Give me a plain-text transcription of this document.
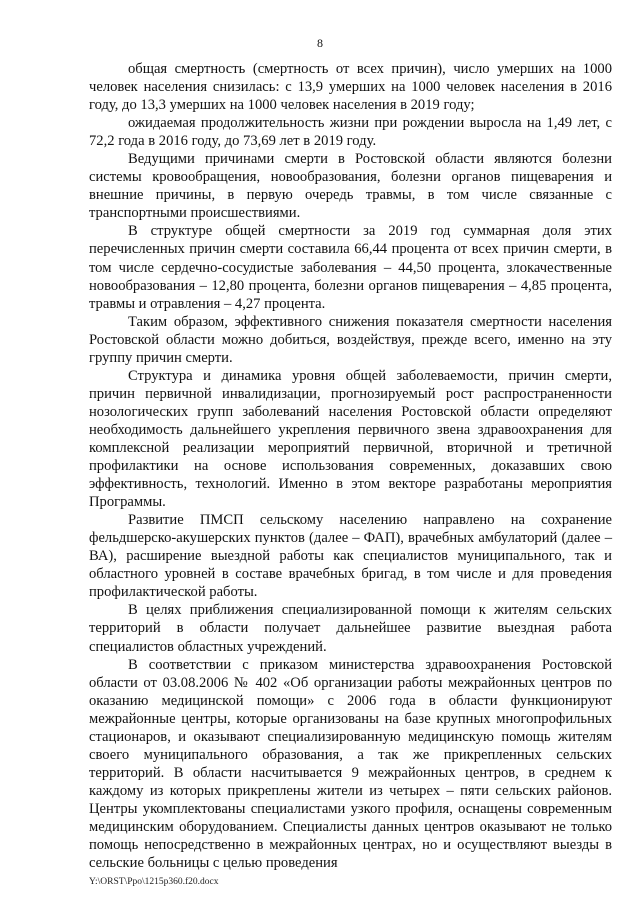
8

общая смертность (смертность от всех причин), число умерших на 1000 человек населения снизилась: с 13,9 умерших на 1000 человек населения в 2016 году, до 13,3 умерших на 1000 человек населения в 2019 году;

ожидаемая продолжительность жизни при рождении выросла на 1,49 лет, с 72,2 года в 2016 году, до 73,69 лет в 2019 году.

Ведущими причинами смерти в Ростовской области являются болезни системы кровообращения, новообразования, болезни органов пищеварения и внешние причины, в первую очередь травмы, в том числе связанные с транспортными происшествиями.

В структуре общей смертности за 2019 год суммарная доля этих перечисленных причин смерти составила 66,44 процента от всех причин смерти, в том числе сердечно-сосудистые заболевания – 44,50 процента, злокачественные новообразования – 12,80 процента, болезни органов пищеварения – 4,85 процента, травмы и отравления – 4,27 процента.

Таким образом, эффективного снижения показателя смертности населения Ростовской области можно добиться, воздействуя, прежде всего, именно на эту группу причин смерти.

Структура и динамика уровня общей заболеваемости, причин смерти, причин первичной инвалидизации, прогнозируемый рост распространенности нозологических групп заболеваний населения Ростовской области определяют необходимость дальнейшего укрепления первичного звена здравоохранения для комплексной реализации мероприятий первичной, вторичной и третичной профилактики на основе использования современных, доказавших свою эффективность, технологий. Именно в этом векторе разработаны мероприятия Программы.

Развитие ПМСП сельскому населению направлено на сохранение фельдшерско-акушерских пунктов (далее – ФАП), врачебных амбулаторий (далее – ВА), расширение выездной работы как специалистов муниципального, так и областного уровней в составе врачебных бригад, в том числе и для проведения профилактической работы.

В целях приближения специализированной помощи к жителям сельских территорий в области получает дальнейшее развитие выездная работа специалистов областных учреждений.

В соответствии с приказом министерства здравоохранения Ростовской области от 03.08.2006 № 402 «Об организации работы межрайонных центров по оказанию медицинской помощи» с 2006 года в области функционируют межрайонные центры, которые организованы на базе крупных многопрофильных стационаров, и оказывают специализированную медицинскую помощь жителям своего муниципального образования, а так же прикрепленных сельских территорий. В области насчитывается 9 межрайонных центров, в среднем к каждому из которых прикреплены жители из четырех – пяти сельских районов. Центры укомплектованы специалистами узкого профиля, оснащены современным медицинским оборудованием. Специалисты данных центров оказывают не только помощь непосредственно в межрайонных центрах, но и осуществляют выезды в сельские больницы с целью проведения

Y:\ORST\Ppo\1215p360.f20.docx
